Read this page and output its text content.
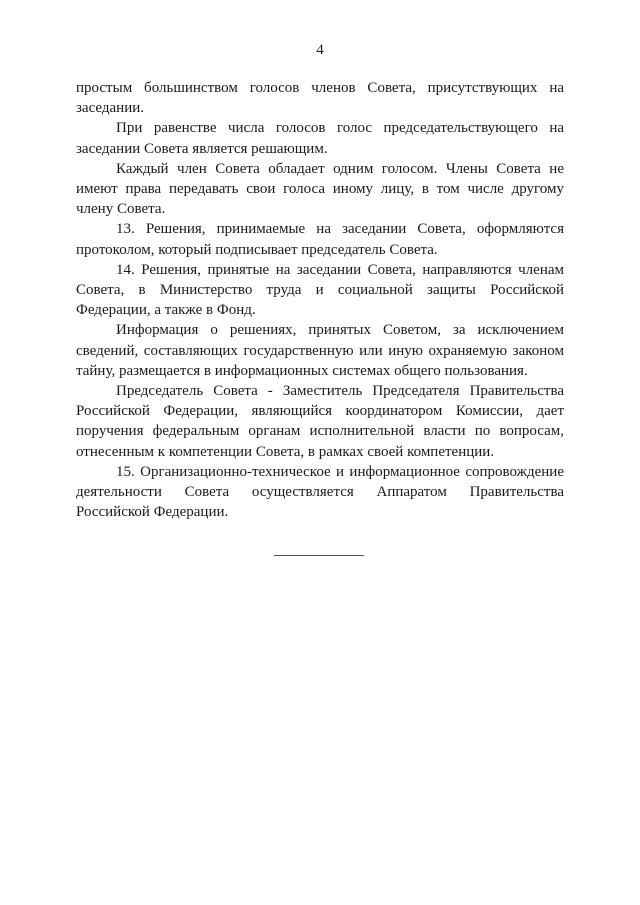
4

простым большинством голосов членов Совета, присутствующих на заседании.

При равенстве числа голосов голос председательствующего на заседании Совета является решающим.

Каждый член Совета обладает одним голосом. Члены Совета не имеют права передавать свои голоса иному лицу, в том числе другому члену Совета.

13. Решения, принимаемые на заседании Совета, оформляются протоколом, который подписывает председатель Совета.

14. Решения, принятые на заседании Совета, направляются членам Совета, в Министерство труда и социальной защиты Российской Федерации, а также в Фонд.

Информация о решениях, принятых Советом, за исключением сведений, составляющих государственную или иную охраняемую законом тайну, размещается в информационных системах общего пользования.

Председатель Совета - Заместитель Председателя Правительства Российской Федерации, являющийся координатором Комиссии, дает поручения федеральным органам исполнительной власти по вопросам, отнесенным к компетенции Совета, в рамках своей компетенции.

15. Организационно-техническое и информационное сопровождение деятельности Совета осуществляется Аппаратом Правительства Российской Федерации.
